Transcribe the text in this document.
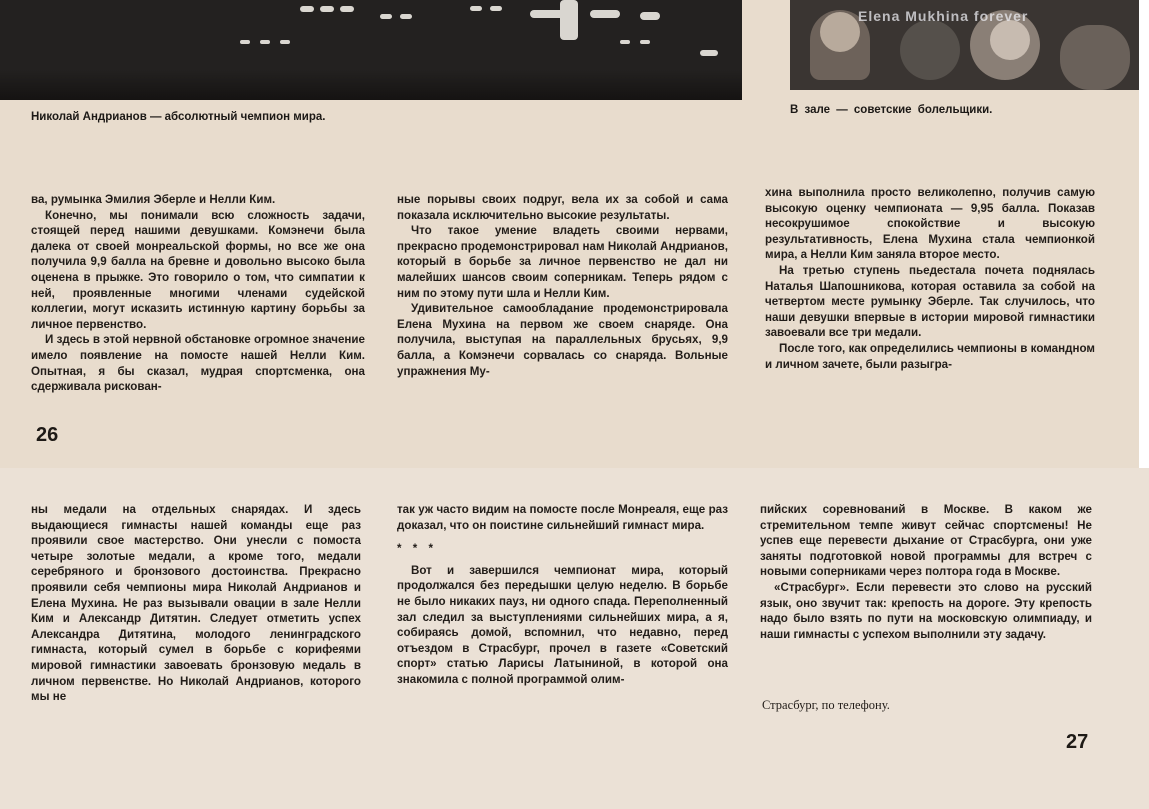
Elena Mukhina forever
Николай Андрианов — абсолютный чемпион мира.
В зале — советские болельщики.

ва, румынка Эмилия Эберле и Нелли Ким.

Конечно, мы понимали всю сложность задачи, стоящей перед нашими девушками. Комэнечи была далека от своей монреальской формы, но все же она получила 9,9 балла на бревне и довольно высоко была оценена в прыжке. Это говорило о том, что симпатии к ней, проявленные многими членами судейской коллегии, могут исказить истинную картину борьбы за личное первенство.

И здесь в этой нервной обстановке огромное значение имело появление на помосте нашей Нелли Ким. Опытная, я бы сказал, мудрая спортсменка, она сдерживала рискован-

ные порывы своих подруг, вела их за собой и сама показала исключительно высокие результаты.

Что такое умение владеть своими нервами, прекрасно продемонстрировал нам Николай Андрианов, который в борьбе за личное первенство не дал ни малейших шансов своим соперникам. Теперь рядом с ним по этому пути шла и Нелли Ким.

Удивительное самообладание продемонстрировала Елена Мухина на первом же своем снаряде. Она получила, выступая на параллельных брусьях, 9,9 балла, а Комэнечи сорвалась со снаряда. Вольные упражнения Му-

хина выполнила просто великолепно, получив самую высокую оценку чемпионата — 9,95 балла. Показав несокрушимое спокойствие и высокую результативность, Елена Мухина стала чемпионкой мира, а Нелли Ким заняла второе место.

На третью ступень пьедестала почета поднялась Наталья Шапошникова, которая оставила за собой на четвертом месте румынку Эберле. Так случилось, что наши девушки впервые в истории мировой гимнастики завоевали все три медали.

После того, как определились чемпионы в командном и личном зачете, были разыгра-

26

ны медали на отдельных снарядах. И здесь выдающиеся гимнасты нашей команды еще раз проявили свое мастерство. Они унесли с помоста четыре золотые медали, а кроме того, медали серебряного и бронзового достоинства. Прекрасно проявили себя чемпионы мира Николай Андрианов и Елена Мухина. Не раз вызывали овации в зале Нелли Ким и Александр Дитятин. Следует отметить успех Александра Дитятина, молодого ленинградского гимнаста, который сумел в борьбе с корифеями мировой гимнастики завоевать бронзовую медаль в личном первенстве. Но Николай Андрианов, которого мы не

так уж часто видим на помосте после Монреаля, еще раз доказал, что он поистине сильнейший гимнаст мира.

* * *

Вот и завершился чемпионат мира, который продолжался без передышки целую неделю. В борьбе не было никаких пауз, ни одного спада. Переполненный зал следил за выступлениями сильнейших мира, а я, собираясь домой, вспомнил, что недавно, перед отъездом в Страсбург, прочел в газете «Советский спорт» статью Ларисы Латыниной, в которой она знакомила с полной программой олим-

пийских соревнований в Москве. В каком же стремительном темпе живут сейчас спортсмены! Не успев еще перевести дыхание от Страсбурга, они уже заняты подготовкой новой программы для встреч с новыми соперниками через полтора года в Москве.

«Страсбург». Если перевести это слово на русский язык, оно звучит так: крепость на дороге. Эту крепость надо было взять по пути на московскую олимпиаду, и наши гимнасты с успехом выполнили эту задачу.

Страсбург, по телефону.
27
